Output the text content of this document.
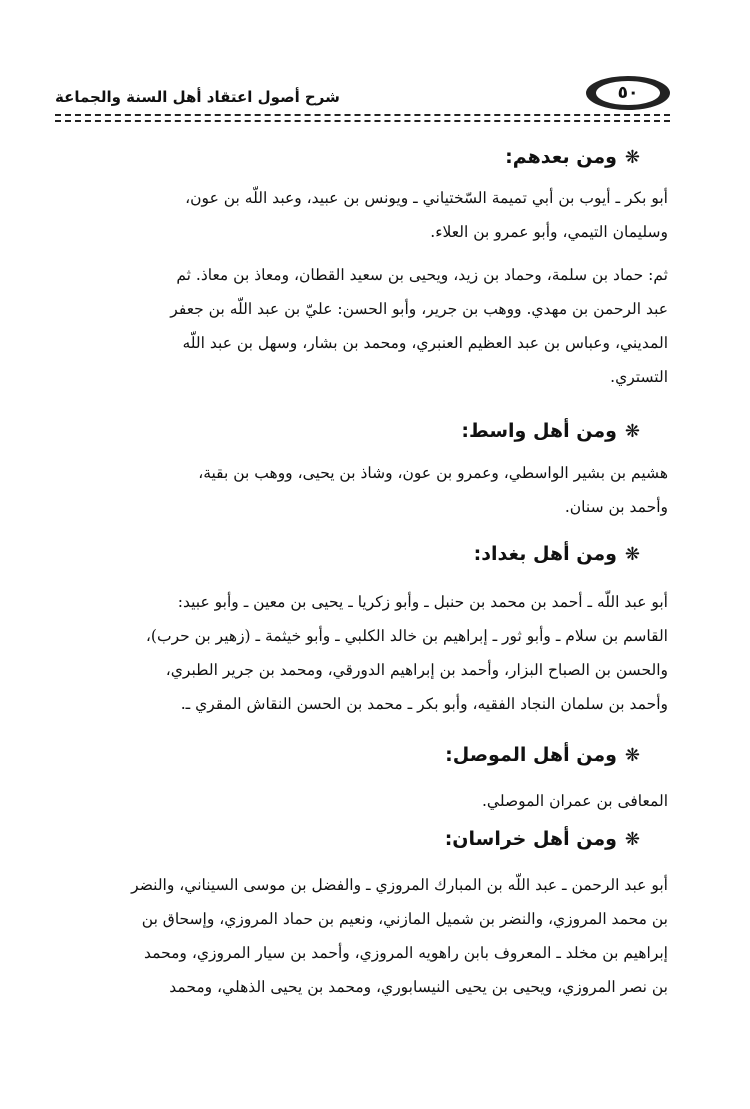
٥٠
شرح أصول اعتقاد أهل السنة والجماعة
❋ومن بعدهم:
أبو بكر ـ أيوب بن أبي تميمة السّختياني ـ ويونس بن عبيد، وعبد اللّه بن عون،
وسليمان التيمي، وأبو عمرو بن العلاء.
ثم: حماد بن سلمة، وحماد بن زيد، ويحيى بن سعيد القطان، ومعاذ بن معاذ. ثم
عبد الرحمن بن مهدي. ووهب بن جرير، وأبو الحسن: عليّ بن عبد اللّه بن جعفر
المديني، وعباس بن عبد العظيم العنبري، ومحمد بن بشار، وسهل بن عبد اللّه
التستري.
❋ومن أهل واسط:
هشيم بن بشير الواسطي، وعمرو بن عون، وشاذ بن يحيى، ووهب بن بقية،
وأحمد بن سنان.
❋ومن أهل بغداد:
أبو عبد اللّه ـ أحمد بن محمد بن حنبل ـ وأبو زكريا ـ يحيى بن معين ـ وأبو عبيد:
القاسم بن سلام ـ وأبو ثور ـ إبراهيم بن خالد الكلبي ـ وأبو خيثمة ـ (زهير بن حرب)،
والحسن بن الصباح البزار، وأحمد بن إبراهيم الدورقي، ومحمد بن جرير الطبري،
وأحمد بن سلمان النجاد الفقيه، وأبو بكر ـ محمد بن الحسن النقاش المقري ـ.
❋ومن أهل الموصل:
المعافى بن عمران الموصلي.
❋ومن أهل خراسان:
أبو عبد الرحمن ـ عبد اللّه بن المبارك المروزي ـ والفضل بن موسى السيناني، والنضر
بن محمد المروزي، والنضر بن شميل المازني، ونعيم بن حماد المروزي، وإسحاق بن
إبراهيم بن مخلد ـ المعروف بابن راهويه المروزي، وأحمد بن سيار المروزي، ومحمد
بن نصر المروزي، ويحيى بن يحيى النيسابوري، ومحمد بن يحيى الذهلي، ومحمد
